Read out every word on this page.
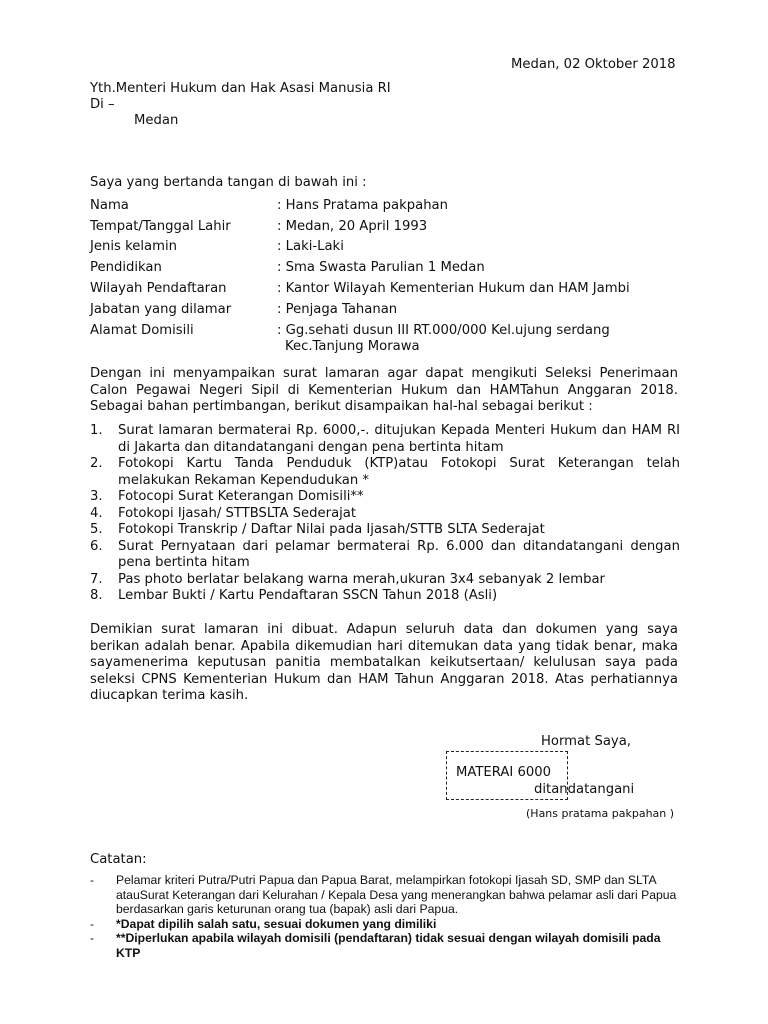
Medan, 02 Oktober 2018
Yth.Menteri Hukum dan Hak Asasi Manusia RI
Di –
Medan
Saya yang bertanda tangan di bawah ini :
Nama	: Hans Pratama pakpahan
Tempat/Tanggal Lahir	: Medan, 20 April 1993
Jenis kelamin	: Laki-Laki
Pendidikan	: Sma Swasta Parulian 1 Medan
Wilayah Pendaftaran	: Kantor Wilayah Kementerian Hukum dan HAM Jambi
Jabatan yang dilamar	: Penjaga Tahanan
Alamat Domisili	: Gg.sehati dusun III RT.000/000 Kel.ujung serdang
Kec.Tanjung Morawa
Dengan ini menyampaikan surat lamaran agar dapat mengikuti Seleksi Penerimaan Calon Pegawai Negeri Sipil di Kementerian Hukum dan HAMTahun Anggaran 2018. Sebagai bahan pertimbangan, berikut disampaikan hal-hal sebagai berikut :
1. Surat lamaran bermaterai Rp. 6000,-. ditujukan Kepada Menteri Hukum dan HAM RI di Jakarta dan ditandatangani dengan pena bertinta hitam
2. Fotokopi Kartu Tanda Penduduk (KTP)atau Fotokopi Surat Keterangan telah melakukan Rekaman Kependudukan *
3. Fotocopi Surat Keterangan Domisili**
4. Fotokopi Ijasah/ STTBSLTA Sederajat
5. Fotokopi Transkrip / Daftar Nilai pada Ijasah/STTB SLTA Sederajat
6. Surat Pernyataan dari pelamar bermaterai Rp. 6.000 dan ditandatangani dengan pena bertinta hitam
7. Pas photo berlatar belakang warna merah,ukuran 3x4 sebanyak 2 lembar
8. Lembar Bukti / Kartu Pendaftaran SSCN Tahun 2018 (Asli)
Demikian surat lamaran ini dibuat. Adapun seluruh data dan dokumen yang saya berikan adalah benar. Apabila dikemudian hari ditemukan data yang tidak benar, maka sayamenerima keputusan panitia membatalkan keikutsertaan/ kelulusan saya pada seleksi CPNS Kementerian Hukum dan HAM Tahun Anggaran 2018. Atas perhatiannya diucapkan terima kasih.
Hormat Saya,
MATERAI 6000
ditandatangani
(Hans pratama pakpahan )
Catatan:
- Pelamar kriteri Putra/Putri Papua dan Papua Barat, melampirkan fotokopi Ijasah SD, SMP dan SLTA atauSurat Keterangan dari Kelurahan / Kepala Desa yang menerangkan bahwa pelamar asli dari Papua berdasarkan garis keturunan orang tua (bapak) asli dari Papua.
- *Dapat dipilih salah satu, sesuai dokumen yang dimiliki
- **Diperlukan apabila wilayah domisili (pendaftaran) tidak sesuai dengan wilayah domisili pada KTP
